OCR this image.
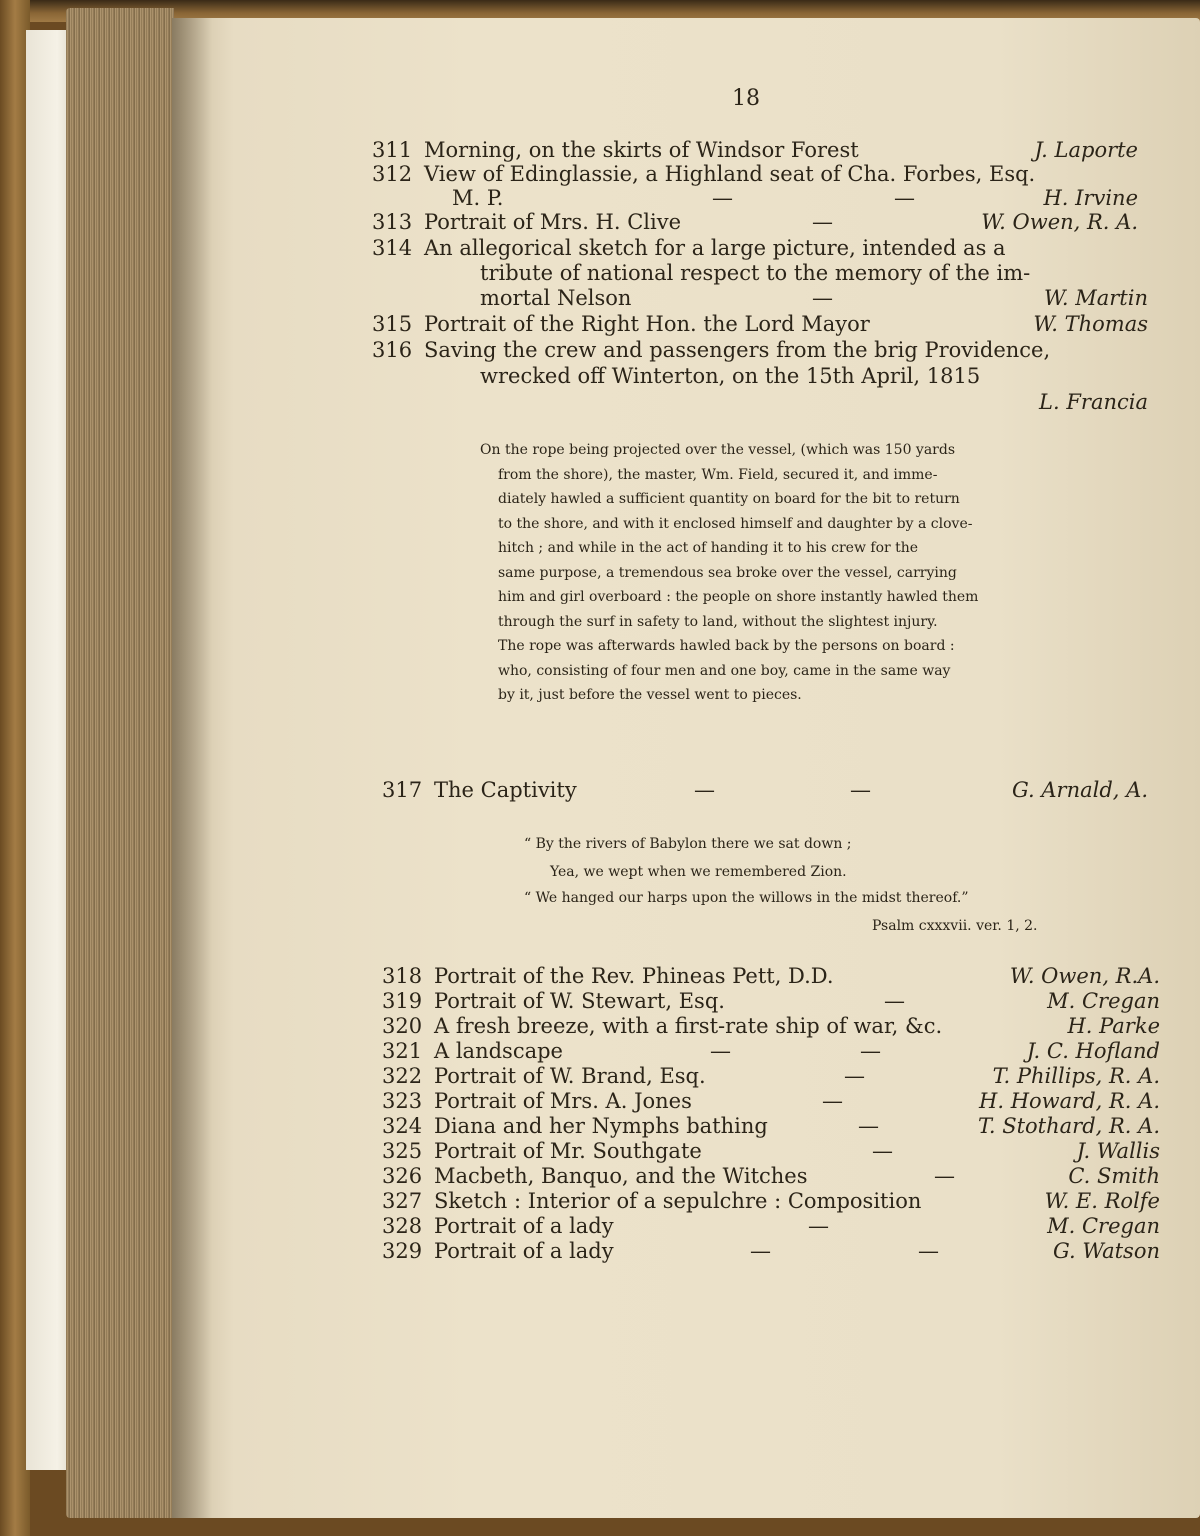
18
311 Morning, on the skirts of Windsor Forest	J. Laporte
312 View of Edinglassie, a Highland seat of Cha. Forbes, Esq.
M. P.	—	—	H. Irvine
313 Portrait of Mrs. H. Clive	—	W. Owen, R. A.
314 An allegorical sketch for a large picture, intended as a
tribute of national respect to the memory of the im-
mortal Nelson	—	W. Martin
315 Portrait of the Right Hon. the Lord Mayor	W. Thomas
316 Saving the crew and passengers from the brig Providence,
wrecked off Winterton, on the 15th April, 1815
L. Francia

On the rope being projected over the vessel, (which was 150 yards

from the shore), the master, Wm. Field, secured it, and imme-

diately hawled a sufficient quantity on board for the bit to return

to the shore, and with it enclosed himself and daughter by a clove-

hitch ; and while in the act of handing it to his crew for the

same purpose, a tremendous sea broke over the vessel, carrying

him and girl overboard : the people on shore instantly hawled them

through the surf in safety to land, without the slightest injury.

The rope was afterwards hawled back by the persons on board :

who, consisting of four men and one boy, came in the same way

by it, just before the vessel went to pieces.

317 The Captivity	—	—	G. Arnald, A.
“ By the rivers of Babylon there we sat down ;
Yea, we wept when we remembered Zion.
“ We hanged our harps upon the willows in the midst thereof.”
Psalm cxxxvii. ver. 1, 2.
318 Portrait of the Rev. Phineas Pett, D.D.	W. Owen, R.A.
319 Portrait of W. Stewart, Esq.	—	M. Cregan
320 A fresh breeze, with a first-rate ship of war, &c.	H. Parke
321 A landscape	—	—	J. C. Hofland
322 Portrait of W. Brand, Esq.	—	T. Phillips, R. A.
323 Portrait of Mrs. A. Jones	—	H. Howard, R. A.
324 Diana and her Nymphs bathing	—	T. Stothard, R. A.
325 Portrait of Mr. Southgate	—	J. Wallis
326 Macbeth, Banquo, and the Witches	—	C. Smith
327 Sketch : Interior of a sepulchre : Composition	W. E. Rolfe
328 Portrait of a lady	—	M. Cregan
329 Portrait of a lady	—	—	G. Watson
